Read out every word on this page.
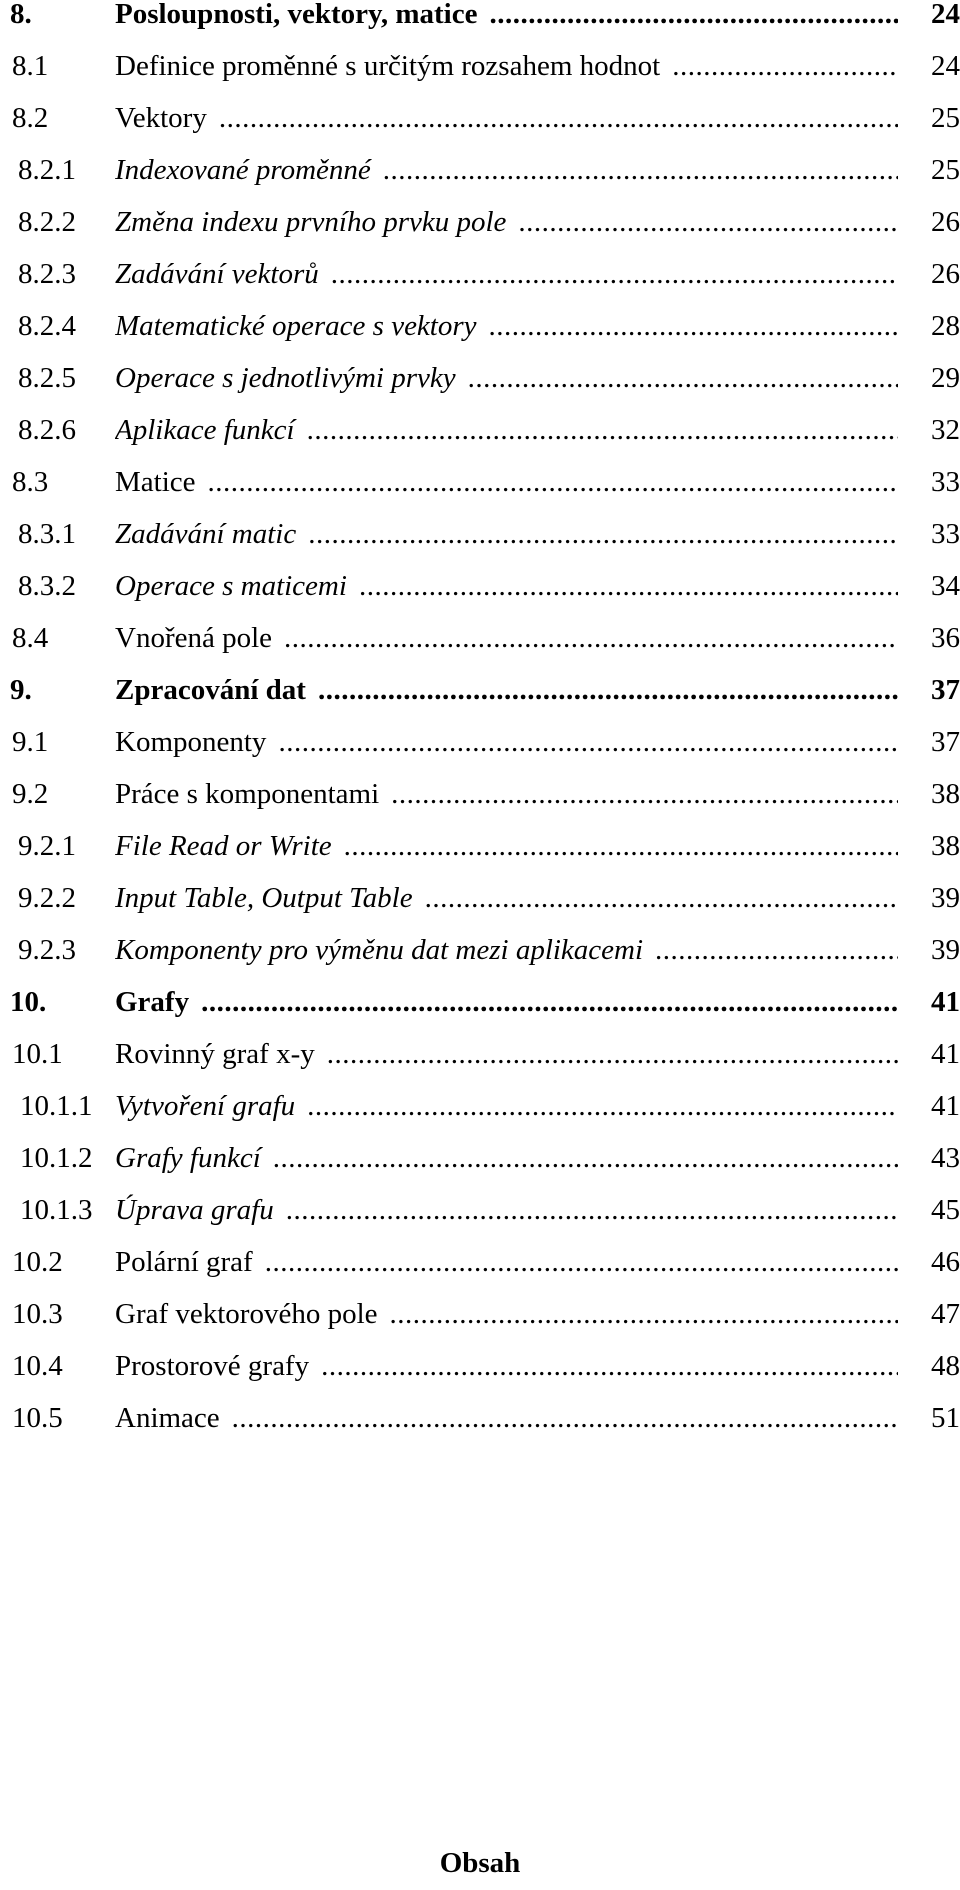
8.	Posloupnosti, vektory, matice .....	24
8.1 Definice proměnné s určitým rozsahem hodnot .....	24
8.2 Vektory .....	25
8.2.1 Indexované proměnné .....	25
8.2.2 Změna indexu prvního prvku pole .....	26
8.2.3 Zadávání vektorů .....	26
8.2.4 Matematické operace s vektory .....	28
8.2.5 Operace s jednotlivými prvky .....	29
8.2.6 Aplikace funkcí .....	32
8.3 Matice .....	33
8.3.1 Zadávání matic .....	33
8.3.2 Operace s maticemi .....	34
8.4 Vnořená pole .....	36
9.	Zpracování dat .....	37
9.1 Komponenty .....	37
9.2 Práce s komponentami .....	38
9.2.1 File Read or Write .....	38
9.2.2 Input Table, Output Table .....	39
9.2.3 Komponenty pro výměnu dat mezi aplikacemi .....	39
10. Grafy .....	41
10.1 Rovinný graf x-y .....	41
10.1.1 Vytvoření grafu .....	41
10.1.2 Grafy funkcí .....	43
10.1.3 Úprava grafu .....	45
10.2 Polární graf .....	46
10.3 Graf vektorového pole .....	47
10.4 Prostorové grafy .....	48
10.5 Animace .....	51
Obsah
